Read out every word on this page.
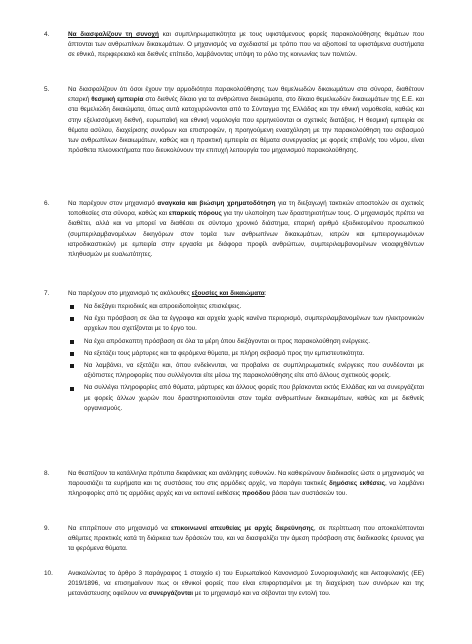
4.	Να διασφαλίζουν τη συνοχή και συμπληρωματικότητα με τους υφιστάμενους φορείς παρακολούθησης θεμάτων που άπτονται των ανθρωπίνων δικαιωμάτων. Ο μηχανισμός να σχεδιαστεί με τρόπο που να αξιοποιεί τα υφιστάμενα συστήματα σε εθνικό, περιφερειακό και διεθνές επίπεδο, λαμβάνοντας υπόψη το ρόλο της κοινωνίας των πολιτών.
5.	Να διασφαλίζουν ότι όσοι έχουν την αρμοδιότητα παρακολούθησης των θεμελιωδών δικαιωμάτων στα σύνορα, διαθέτουν επαρκή θεσμική εμπειρία στο διεθνές δίκαιο για τα ανθρώπινα δικαιώματα, στο δίκαιο θεμελιωδών δικαιωμάτων της Ε.Ε. και στα θεμελιώδη δικαιώματα, όπως αυτά κατοχυρώνονται από το Σύνταγμα της Ελλάδας και την εθνική νομοθεσία, καθώς και στην εξελισσόμενη διεθνή, ευρωπαϊκή και εθνική νομολογία που ερμηνεύονται οι σχετικές διατάξεις. Η θεσμική εμπειρία σε θέματα ασύλου, διαχείρισης συνόρων και επιστροφών, η προηγούμενη ενασχόληση με την παρακολούθηση του σεβασμού των ανθρωπίνων δικαιωμάτων, καθώς και η πρακτική εμπειρία σε θέματα συνεργασίας με φορείς επιβολής του νόμου, είναι πρόσθετα πλεονεκτήματα που διευκολύνουν την επιτυχή λειτουργία του μηχανισμού παρακολούθησης.
6.	Να παρέχουν στον μηχανισμό αναγκαία και βιώσιμη χρηματοδότηση για τη διεξαγωγή τακτικών αποστολών σε σχετικές τοποθεσίες στα σύνορα, καθώς και επαρκείς πόρους για την υλοποίηση των δραστηριοτήτων τους. Ο μηχανισμός πρέπει να διαθέτει, αλλά και να μπορεί να διαθέσει σε σύντομο χρονικό διάστημα, επαρκή αριθμό εξειδικευμένου προσωπικού (συμπεριλαμβανομένων δικηγόρων στον τομέα των ανθρωπίνων δικαιωμάτων, ιατρών και εμπειρογνωμόνων ιατροδικαστικών) με εμπειρία στην εργασία με διάφορα προφίλ ανθρώπων, συμπεριλαμβανομένων νεοαφιχθέντων πληθυσμών με ευαλωτότητες.
7.	Να παρέχουν στο μηχανισμό τις ακόλουθες εξουσίες και δικαιώματα:
Να διεξάγει περιοδικές και απροειδοποίητες επισκέψεις.
Να έχει πρόσβαση σε όλα τα έγγραφα και αρχεία χωρίς κανένα περιορισμό, συμπεριλαμβανομένων των ηλεκτρονικών αρχείων που σχετίζονται με το έργο του.
Να έχει απρόσκοπτη πρόσβαση σε όλα τα μέρη όπου διεξάγονται οι προς παρακολούθηση ενέργειες.
Να εξετάζει τους μάρτυρες και τα φερόμενα θύματα, με πλήρη σεβασμό προς την εμπιστευτικότητα.
Να λαμβάνει, να εξετάζει και, όπου ενδείκνυται, να προβαίνει σε συμπληρωματικές ενέργειες που συνδέονται με αξιόπιστες πληροφορίες που συλλέγονται είτε μέσω της παρακολούθησης είτε από άλλους σχετικούς φορείς.
Να συλλέγει πληροφορίες από θύματα, μάρτυρες και άλλους φορείς που βρίσκονται εκτός Ελλάδας και να συνεργάζεται με φορείς άλλων χωρών που δραστηριοποιούνται στον τομέα ανθρωπίνων δικαιωμάτων, καθώς και με διεθνείς οργανισμούς.
8.	Να θεσπίζουν τα κατάλληλα πρότυπα διαφάνειας και ανάληψης ευθυνών. Να καθιερώνουν διαδικασίες ώστε ο μηχανισμός να παρουσιάζει τα ευρήματα και τις συστάσεις του στις αρμόδιες αρχές, να παράγει τακτικές δημόσιες εκθέσεις, να λαμβάνει πληροφορίες από τις αρμόδιες αρχές και να εκπονεί εκθέσεις προόδου βάσει των συστάσεών του.
9.	Να επιτρέπουν στο μηχανισμό να επικοινωνεί απευθείας με αρχές διερεύνησης, σε περίπτωση που αποκαλύπτονται αθέμιτες πρακτικές κατά τη διάρκεια των δράσεών του, και να διασφαλίζει την άμεση πρόσβαση στις διαδικασίες έρευνας για τα φερόμενα θύματα.
10. Ανακαλώντας το άρθρο 3 παράγραφος 1 στοιχείο ε) του Ευρωπαϊκού Κανονισμού Συνοριοφυλακής και Ακτοφυλακής (ΕΕ) 2019/1896, να επισημαίνουν πως οι εθνικοί φορείς που είναι επιφορτισμένοι με τη διαχείριση των συνόρων και της μετανάστευσης οφείλουν να συνεργάζονται με το μηχανισμό και να σέβονται την εντολή του.
